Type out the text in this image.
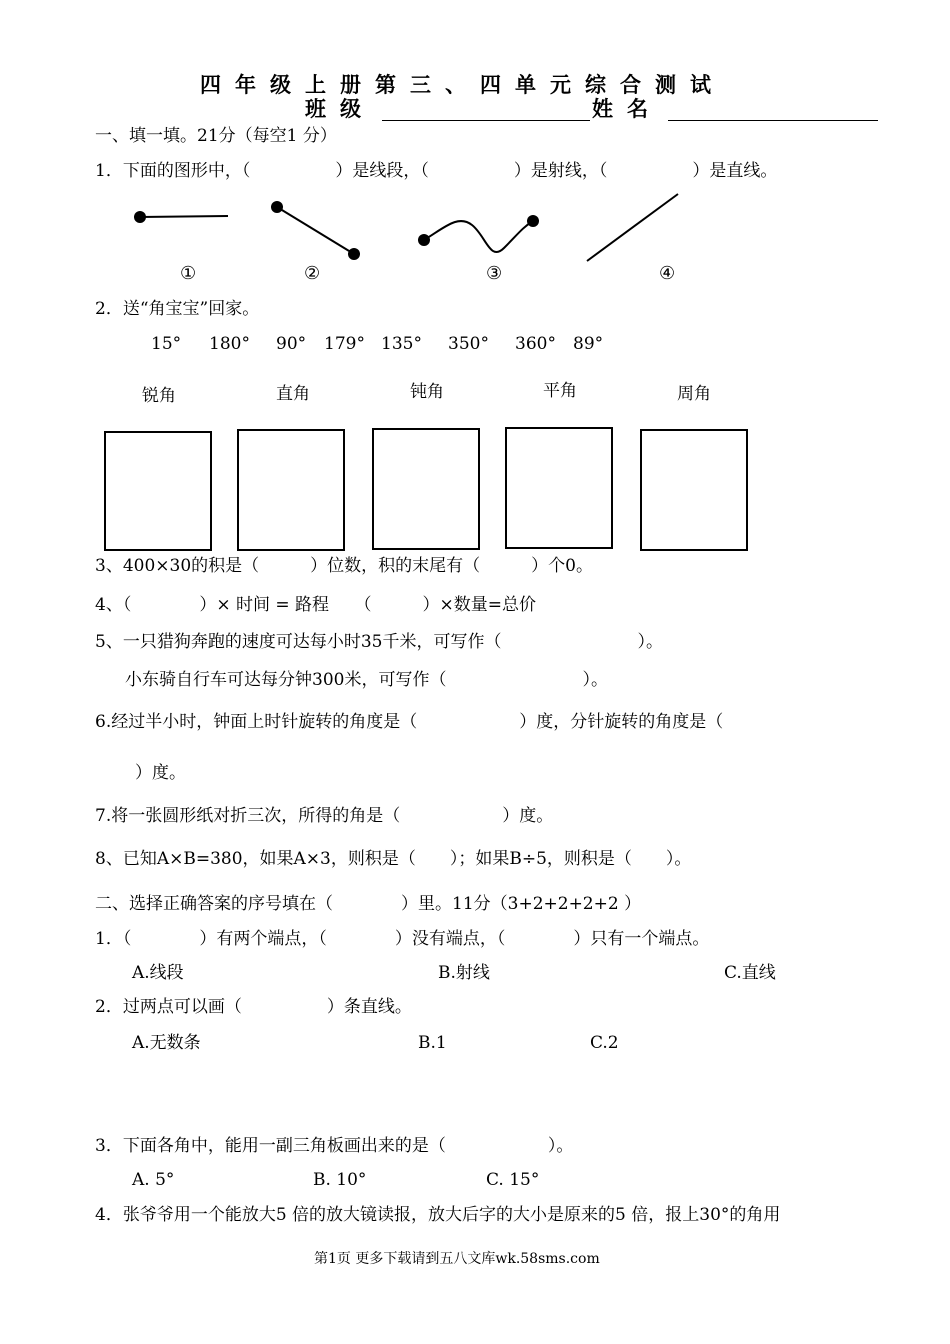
四年级上册第三、四单元综合测试
班级	姓名
一、填一填。21分（每空1 分）
1．下面的图形中，（　　　　　）是线段，（　　　　　）是射线，（　　　　　）是直线。
①	②	③	④
2．送“角宝宝”回家。
15° 180° 90° 179° 135° 350° 360° 89°
锐角	直角	钝角	平角	周角
3、400×30的积是（　　　）位数，积的末尾有（　　　）个0。
4、（　　　　）× 时间 = 路程　　（　　　）×数量=总价
5、一只猎狗奔跑的速度可达每小时35千米，可写作（　　　　　　　　）。
小东骑自行车可达每分钟300米，可写作（　　　　　　　　）。
6.经过半小时，钟面上时针旋转的角度是（　　　　　　）度，分针旋转的角度是（
）度。
7.将一张圆形纸对折三次，所得的角是（　　　　　　）度。
8、已知A×B=380，如果A×3，则积是（　　）；如果B÷5，则积是（　　）。
二、选择正确答案的序号填在（　　　　）里。11分（3+2+2+2+2 ）
1．（　　　　）有两个端点，（　　　　）没有端点，（　　　　）只有一个端点。
A.线段	B.射线	C.直线
2．过两点可以画（　　　　　）条直线。
A.无数条	B.1	C.2
3．下面各角中，能用一副三角板画出来的是（　　　　　　）。
A. 5°	B. 10°	C. 15°
4．张爷爷用一个能放大5 倍的放大镜读报，放大后字的大小是原来的5 倍，报上30°的角用
第1页 更多下载请到五八文库wk.58sms.com
